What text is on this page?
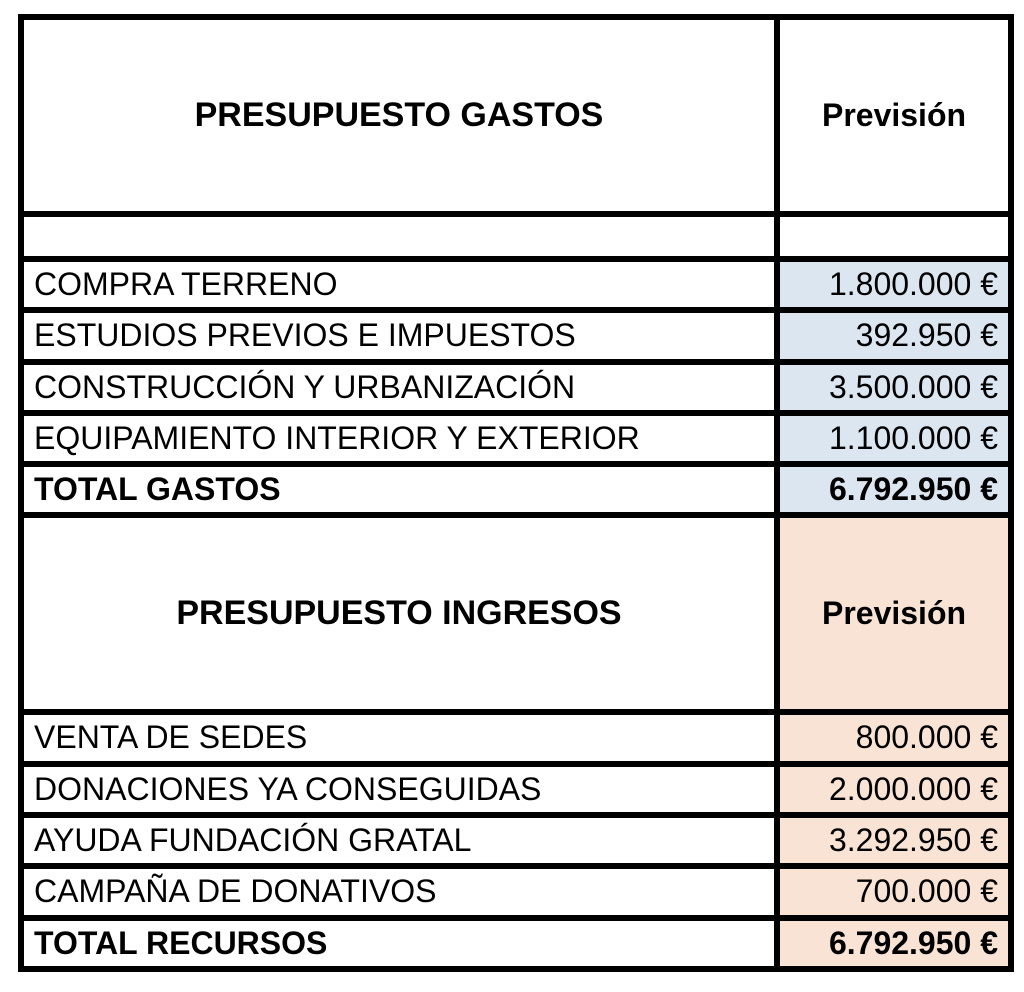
PRESUPUESTO GASTOS	Previsión

COMPRA TERRENO	1.800.000 €
ESTUDIOS PREVIOS E IMPUESTOS	392.950 €
CONSTRUCCIÓN Y URBANIZACIÓN	3.500.000 €
EQUIPAMIENTO INTERIOR Y EXTERIOR	1.100.000 €
TOTAL GASTOS	6.792.950 €
PRESUPUESTO INGRESOS	Previsión
VENTA DE SEDES	800.000 €
DONACIONES YA CONSEGUIDAS	2.000.000 €
AYUDA FUNDACIÓN GRATAL	3.292.950 €
CAMPAÑA DE DONATIVOS	700.000 €
TOTAL RECURSOS	6.792.950 €
